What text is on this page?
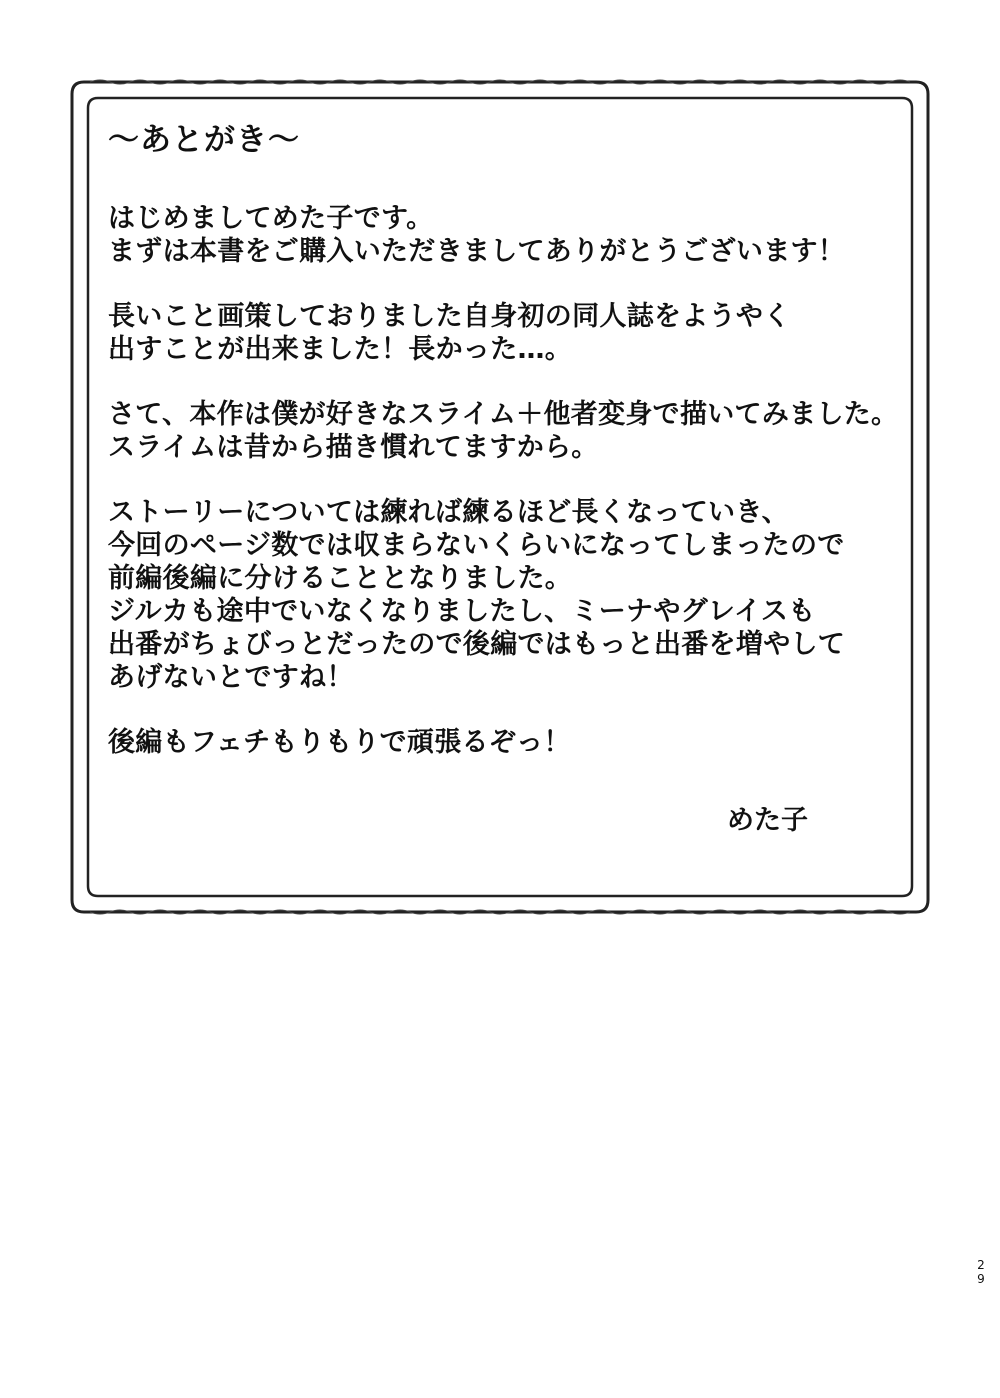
～あとがき～
はじめましてめた子です。
まずは本書をご購入いただきましてありがとうございます！
長いこと画策しておりました自身初の同人誌をようやく
出すことが出来ました！長かった…。
さて、本作は僕が好きなスライム＋他者変身で描いてみました。
スライムは昔から描き慣れてますから。
ストーリーについては練れば練るほど長くなっていき、
今回のページ数では収まらないくらいになってしまったので
前編後編に分けることとなりました。
ジルカも途中でいなくなりましたし、ミーナやグレイスも
出番がちょびっとだったので後編ではもっと出番を増やして
あげないとですね！
後編もフェチもりもりで頑張るぞっ！
めた子
29
